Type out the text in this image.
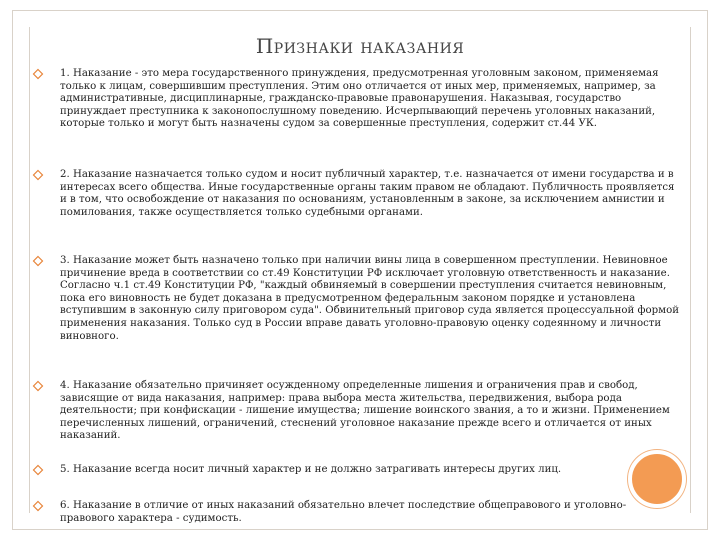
Признаки наказания
1. Наказание - это мера государственного принуждения, предусмотренная уголовным законом, применяемая только к лицам, совершившим преступления. Этим оно отличается от иных мер, применяемых, например, за административные, дисциплинарные, гражданско-правовые правонарушения. Наказывая, государство принуждает преступника к законопослушному поведению. Исчерпывающий перечень уголовных наказаний, которые только и могут быть назначены судом за совершенные преступления, содержит ст.44 УК.
2. Наказание назначается только судом и носит публичный характер, т.е. назначается от имени государства и в интересах всего общества. Иные государственные органы таким правом не обладают. Публичность проявляется и в том, что освобождение от наказания по основаниям, установленным в законе, за исключением амнистии и помилования, также осуществляется только судебными органами.
3. Наказание может быть назначено только при наличии вины лица в совершенном преступлении. Невиновное причинение вреда в соответствии со ст.49 Конституции РФ исключает уголовную ответственность и наказание. Согласно ч.1 ст.49 Конституции РФ, "каждый обвиняемый в совершении преступления считается невиновным, пока его виновность не будет доказана в предусмотренном федеральным законом порядке и установлена вступившим в законную силу приговором суда". Обвинительный приговор суда является процессуальной формой применения наказания. Только суд в России вправе давать уголовно-правовую оценку содеянному и личности виновного.
4. Наказание обязательно причиняет осужденному определенные лишения и ограничения прав и свобод, зависящие от вида наказания, например: права выбора места жительства, передвижения, выбора рода деятельности; при конфискации - лишение имущества; лишение воинского звания, а то и жизни. Применением перечисленных лишений, ограничений, стеснений уголовное наказание прежде всего и отличается от иных наказаний.
5. Наказание всегда носит личный характер и не должно затрагивать интересы других лиц.
6. Наказание в отличие от иных наказаний обязательно влечет последствие общеправового и уголовно-правового характера - судимость.
